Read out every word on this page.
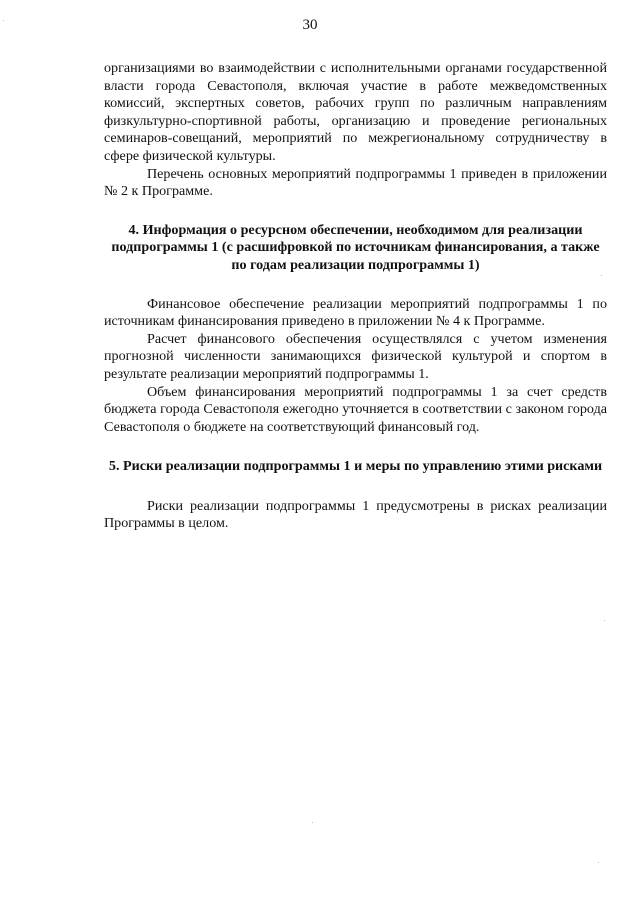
30

организациями во взаимодействии с исполнительными органами государственной власти города Севастополя, включая участие в работе межведомственных комиссий, экспертных советов, рабочих групп по различным направлениям физкультурно-спортивной работы, организацию и проведение региональных семинаров-совещаний, мероприятий по межрегиональному сотрудничеству в сфере физической культуры.

Перечень основных мероприятий подпрограммы 1 приведен в приложении № 2 к Программе.

4. Информация о ресурсном обеспечении, необходимом для реализации подпрограммы 1 (с расшифровкой по источникам финансирования, а также по годам реализации подпрограммы 1)

Финансовое обеспечение реализации мероприятий подпрограммы 1 по источникам финансирования приведено в приложении № 4 к Программе.

Расчет финансового обеспечения осуществлялся с учетом изменения прогнозной численности занимающихся физической культурой и спортом в результате реализации мероприятий подпрограммы 1.

Объем финансирования мероприятий подпрограммы 1 за счет средств бюджета города Севастополя ежегодно уточняется в соответствии с законом города Севастополя о бюджете на соответствующий финансовый год.

5. Риски реализации подпрограммы 1 и меры по управлению этими рисками

Риски реализации подпрограммы 1 предусмотрены в рисках реализации Программы в целом.
